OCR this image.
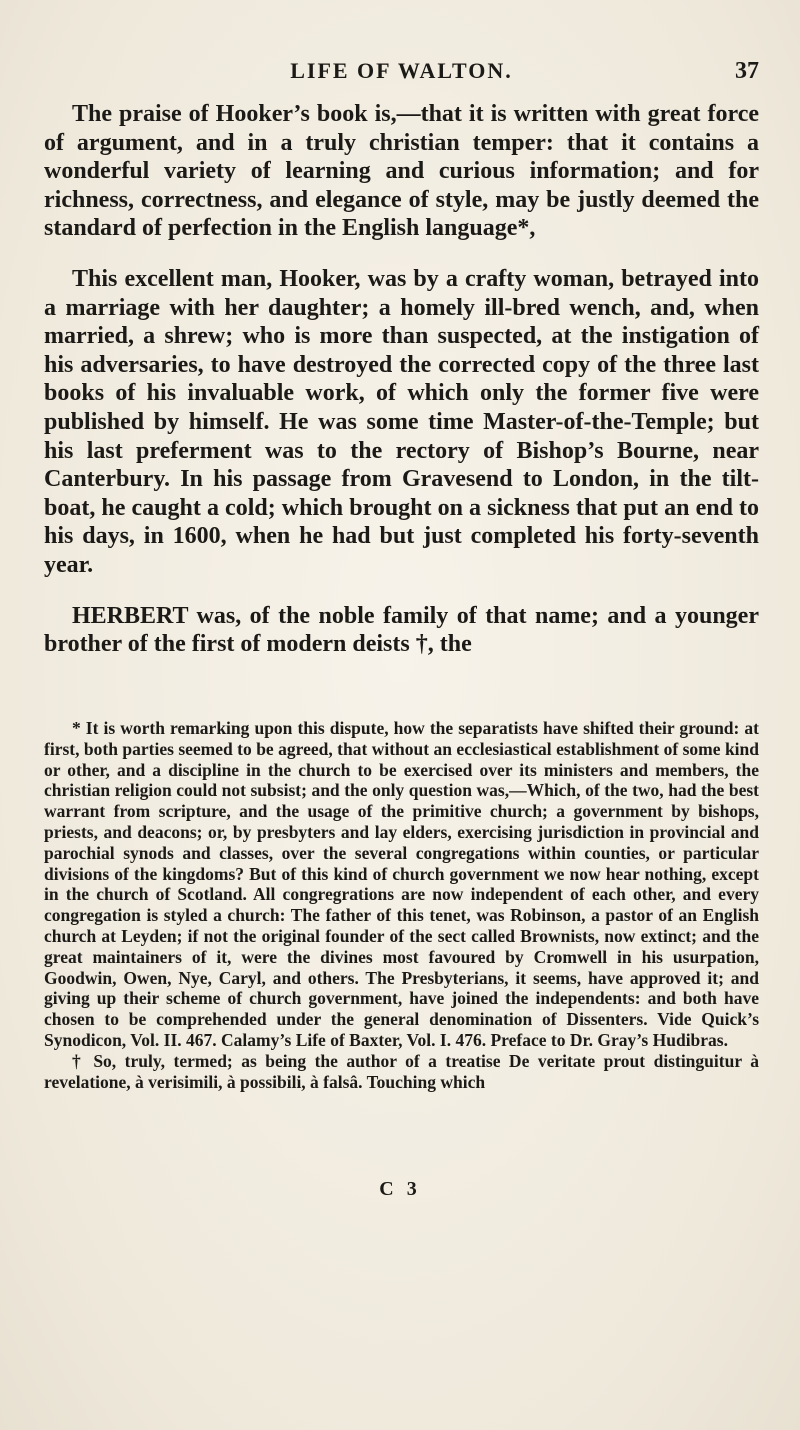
LIFE OF WALTON.	37

The praise of Hooker’s book is,—that it is written with great force of argument, and in a truly christian temper: that it contains a wonderful variety of learning and curious information; and for richness, correctness, and elegance of style, may be justly deemed the standard of perfection in the English language*,

This excellent man, Hooker, was by a crafty woman, betrayed into a marriage with her daughter; a homely ill-bred wench, and, when married, a shrew; who is more than suspected, at the instigation of his adversaries, to have destroyed the corrected copy of the three last books of his invaluable work, of which only the former five were published by himself. He was some time Master-of-the-Temple; but his last preferment was to the rectory of Bishop’s Bourne, near Canterbury. In his passage from Gravesend to London, in the tilt-boat, he caught a cold; which brought on a sickness that put an end to his days, in 1600, when he had but just completed his forty-seventh year.

HERBERT was, of the noble family of that name; and a younger brother of the first of modern deists †, the

* It is worth remarking upon this dispute, how the separatists have shifted their ground: at first, both parties seemed to be agreed, that without an ecclesiastical establishment of some kind or other, and a discipline in the church to be exercised over its ministers and members, the christian religion could not subsist; and the only question was,—Which, of the two, had the best warrant from scripture, and the usage of the primitive church; a government by bishops, priests, and deacons; or, by presbyters and lay elders, exercising jurisdiction in provincial and parochial synods and classes, over the several congregations within counties, or particular divisions of the kingdoms? But of this kind of church government we now hear nothing, except in the church of Scotland. All congregrations are now independent of each other, and every congregation is styled a church: The father of this tenet, was Robinson, a pastor of an English church at Leyden; if not the original founder of the sect called Brownists, now extinct; and the great maintainers of it, were the divines most favoured by Cromwell in his usurpation, Goodwin, Owen, Nye, Caryl, and others. The Presbyterians, it seems, have approved it; and giving up their scheme of church government, have joined the independents: and both have chosen to be comprehended under the general denomination of Dissenters. Vide Quick’s Synodicon, Vol. II. 467. Calamy’s Life of Baxter, Vol. I. 476. Preface to Dr. Gray’s Hudibras.

† So, truly, termed; as being the author of a treatise De veritate prout distinguitur à revelatione, à verisimili, à possibili, à falsâ. Touching which

C 3
